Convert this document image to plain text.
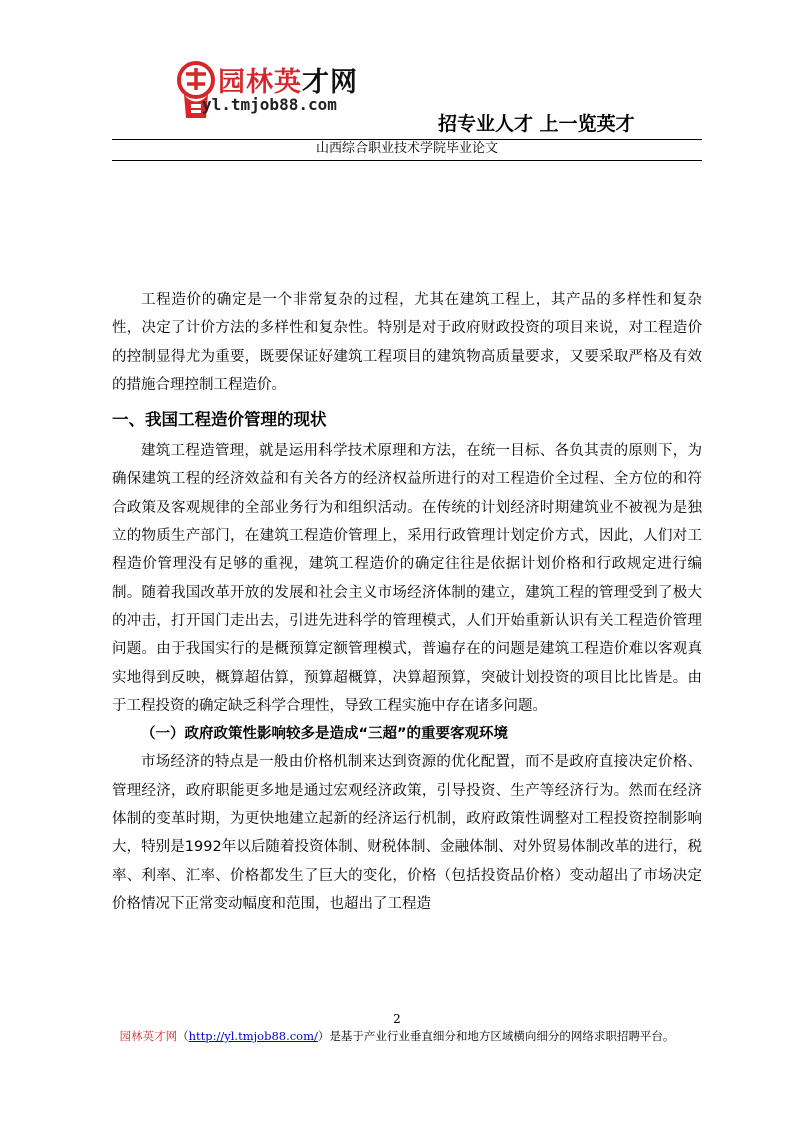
园林英才网
yl.tmjob88.com
招专业人才 上一览英才
山西综合职业技术学院毕业论文

工程造价的确定是一个非常复杂的过程，尤其在建筑工程上，其产品的多样性和复杂性，决定了计价方法的多样性和复杂性。特别是对于政府财政投资的项目来说，对工程造价的控制显得尤为重要，既要保证好建筑工程项目的建筑物高质量要求，又要采取严格及有效的措施合理控制工程造价。

一、我国工程造价管理的现状

建筑工程造管理，就是运用科学技术原理和方法，在统一目标、各负其责的原则下，为确保建筑工程的经济效益和有关各方的经济权益所进行的对工程造价全过程、全方位的和符合政策及客观规律的全部业务行为和组织活动。在传统的计划经济时期建筑业不被视为是独立的物质生产部门，在建筑工程造价管理上，采用行政管理计划定价方式，因此，人们对工程造价管理没有足够的重视，建筑工程造价的确定往往是依据计划价格和行政规定进行编制。随着我国改革开放的发展和社会主义市场经济体制的建立，建筑工程的管理受到了极大的冲击，打开国门走出去，引进先进科学的管理模式，人们开始重新认识有关工程造价管理问题。由于我国实行的是概预算定额管理模式，普遍存在的问题是建筑工程造价难以客观真实地得到反映，概算超估算，预算超概算，决算超预算，突破计划投资的项目比比皆是。由于工程投资的确定缺乏科学合理性，导致工程实施中存在诸多问题。

（一）政府政策性影响较多是造成“三超”的重要客观环境

市场经济的特点是一般由价格机制来达到资源的优化配置，而不是政府直接决定价格、管理经济，政府职能更多地是通过宏观经济政策，引导投资、生产等经济行为。然而在经济体制的变革时期，为更快地建立起新的经济运行机制，政府政策性调整对工程投资控制影响大，特别是1992年以后随着投资体制、财税体制、金融体制、对外贸易体制改革的进行，税率、利率、汇率、价格都发生了巨大的变化，价格（包括投资品价格）变动超出了市场决定价格情况下正常变动幅度和范围，也超出了工程造

2
园林英才网（http://yl.tmjob88.com/）是基于产业行业垂直细分和地方区域横向细分的网络求职招聘平台。
